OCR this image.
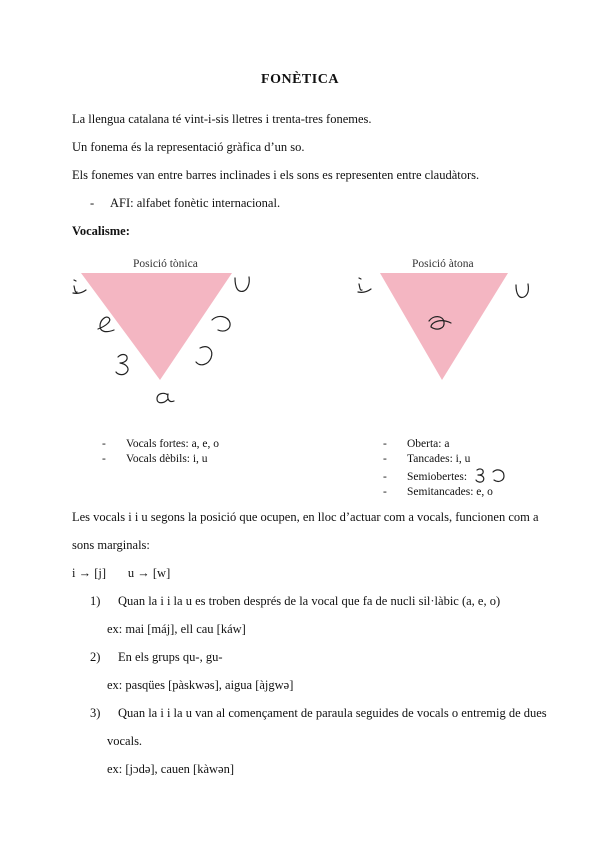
FONÈTICA
La llengua catalana té vint-i-sis lletres i trenta-tres fonemes.
Un fonema és la representació gràfica d’un so.
Els fonemes van entre barres inclinades i els sons es representen entre claudàtors.
- AFI: alfabet fonètic internacional.
Vocalisme:
Posició tònica
- Vocals fortes: a, e, o
- Vocals dèbils: i, u
Posició àtona
- Oberta: a
- Tancades: i, u
- Semiobertes:
- Semitancades: e, o
Les vocals i i u segons la posició que ocupen, en lloc d’actuar com a vocals, funcionen com a
sons marginals:
i → [j]       u → [w]
1) Quan la i i la u es troben després de la vocal que fa de nucli sil·làbic (a, e, o)
ex: mai [máj], ell cau [káw]
2) En els grups qu-, gu-
ex: pasqües [pàskwəs], aigua [àjgwə]
3) Quan la i i la u van al començament de paraula seguides de vocals o entremig de dues
vocals.
ex: [jɔdə], cauen [kàwən]
